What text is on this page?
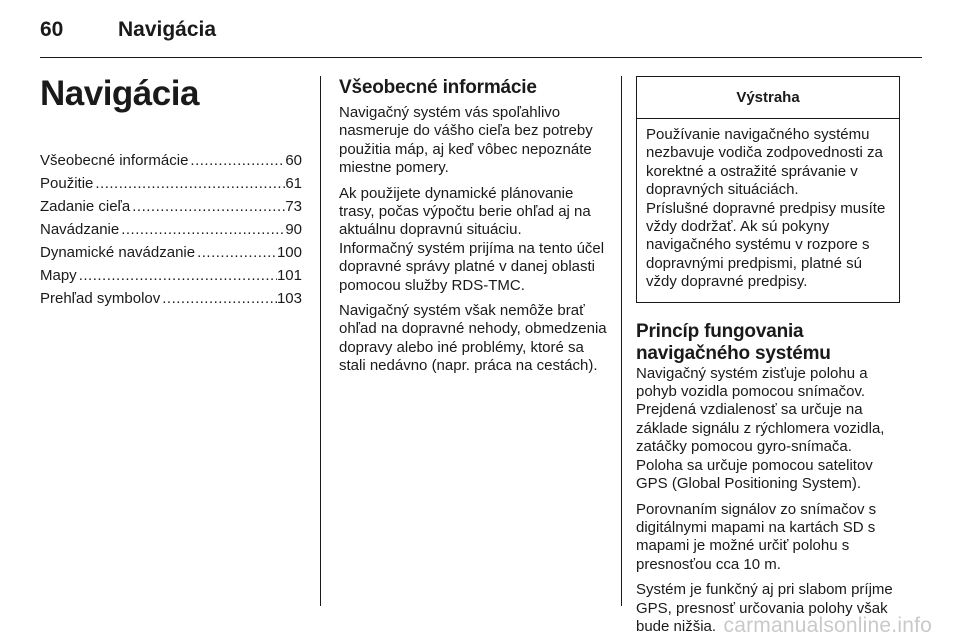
60	Navigácia
Navigácia
Všeobecné informácie .....	60
Použitie .....	61
Zadanie cieľa .....	73
Navádzanie .....	90
Dynamické navádzanie .....	100
Mapy .....	101
Prehľad symbolov .....	103
Všeobecné informácie

Navigačný systém vás spoľahlivo nasmeruje do vášho cieľa bez potreby použitia máp, aj keď vôbec nepoznáte miestne pomery.

Ak použijete dynamické plánovanie trasy, počas výpočtu berie ohľad aj na aktuálnu dopravnú situáciu.

Informačný systém prijíma na tento účel dopravné správy platné v danej oblasti pomocou služby RDS-TMC.

Navigačný systém však nemôže brať ohľad na dopravné nehody, obmedzenia dopravy alebo iné problémy, ktoré sa stali nedávno (napr. práca na cestách).

Výstraha

Používanie navigačného systému nezbavuje vodiča zodpovednosti za korektné a ostražité správanie v dopravných situáciách.

Príslušné dopravné predpisy musíte vždy dodržať. Ak sú pokyny navigačného systému v rozpore s dopravnými predpismi, platné sú vždy dopravné predpisy.

Princíp fungovania
navigačného systému

Navigačný systém zisťuje polohu a pohyb vozidla pomocou snímačov. Prejdená vzdialenosť sa určuje na základe signálu z rýchlomera vozidla, zatáčky pomocou gyro-snímača. Poloha sa určuje pomocou satelitov GPS (Global Positioning System).

Porovnaním signálov zo snímačov s digitálnymi mapami na kartách SD s mapami je možné určiť polohu s presnosťou cca 10 m.

Systém je funkčný aj pri slabom príjme GPS, presnosť určovania polohy však bude nižšia. carmanualsonline.info
